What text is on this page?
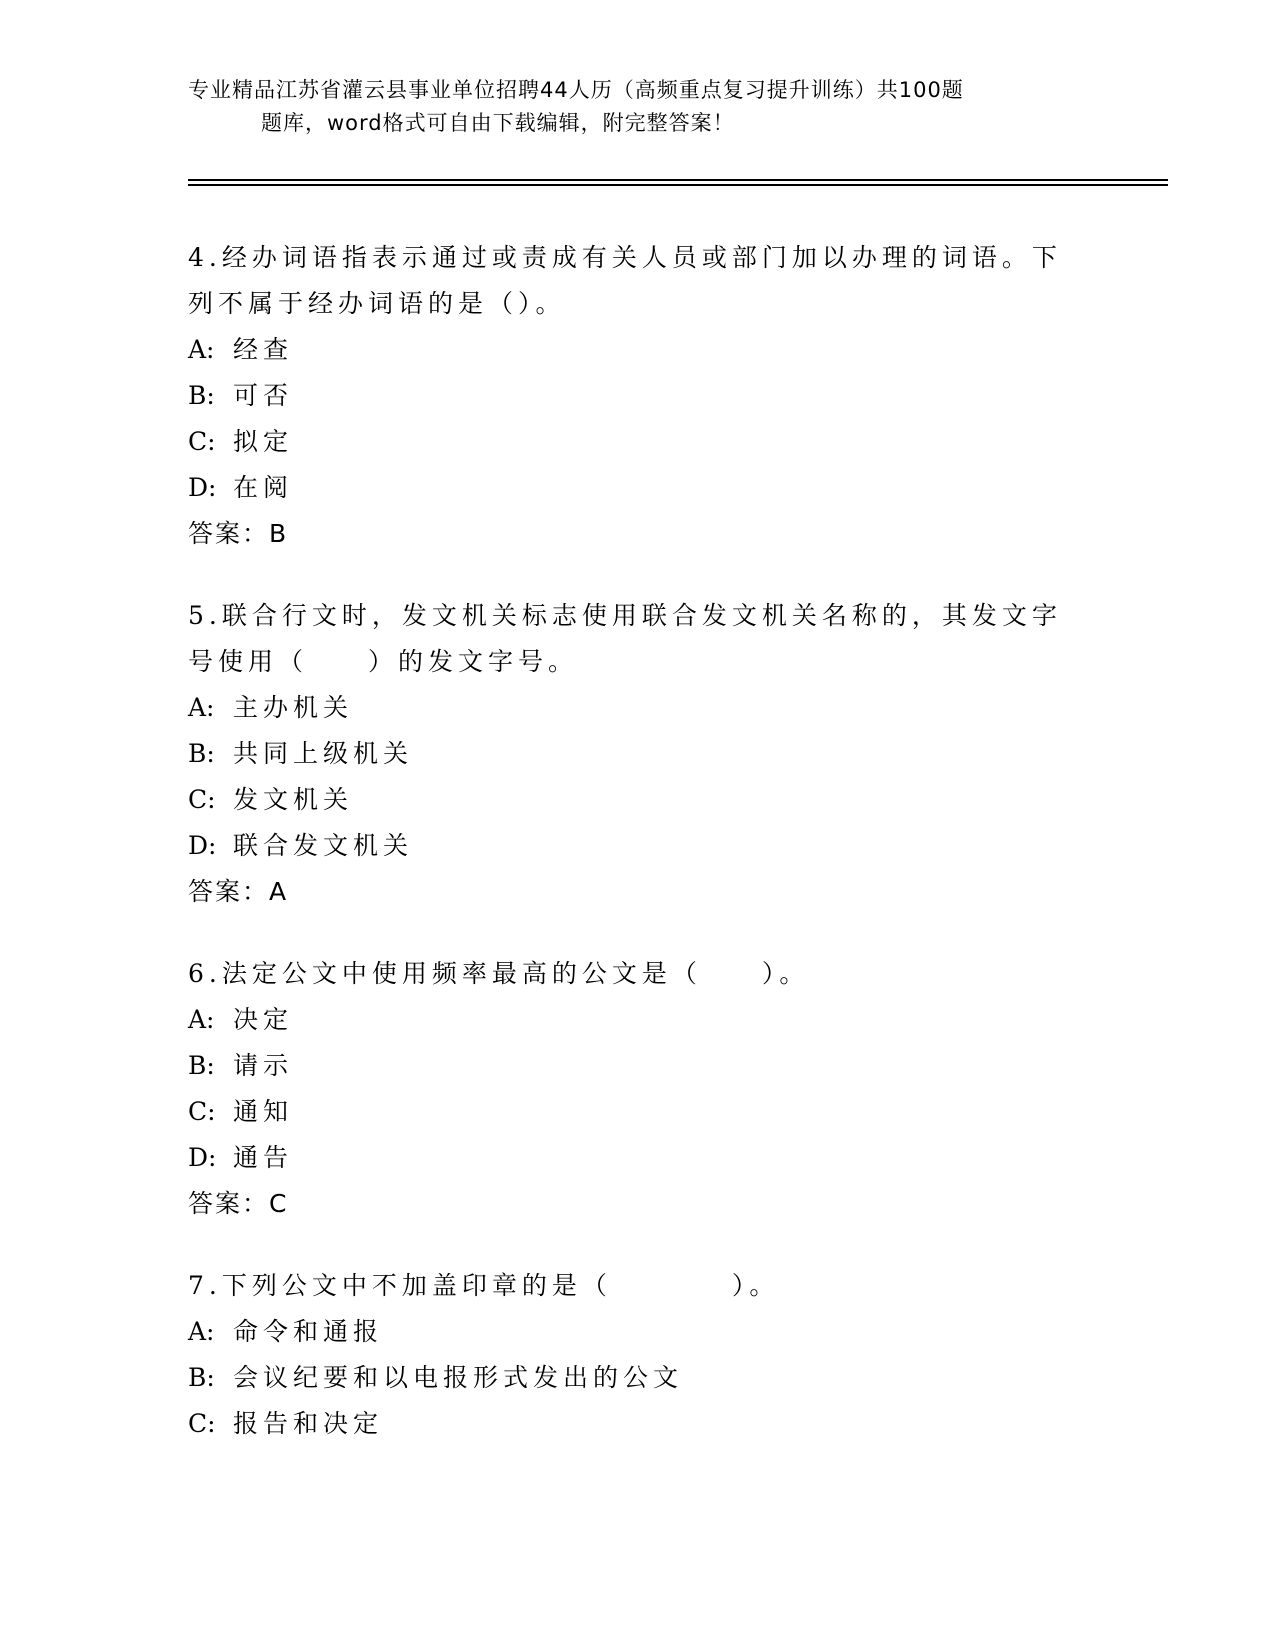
专业精品江苏省灌云县事业单位招聘44人历（高频重点复习提升训练）共100题
题库，word格式可自由下载编辑，附完整答案！
4.经办词语指表示通过或责成有关人员或部门加以办理的词语。下列不属于经办词语的是（）。
A: 经查
B: 可否
C: 拟定
D: 在阅
答案：B
5.联合行文时，发文机关标志使用联合发文机关名称的，其发文字号使用（　　）的发文字号。
A: 主办机关
B: 共同上级机关
C: 发文机关
D: 联合发文机关
答案：A
6.法定公文中使用频率最高的公文是（　　）。
A: 决定
B: 请示
C: 通知
D: 通告
答案：C
7.下列公文中不加盖印章的是（　　　　）。
A: 命令和通报
B: 会议纪要和以电报形式发出的公文
C: 报告和决定
